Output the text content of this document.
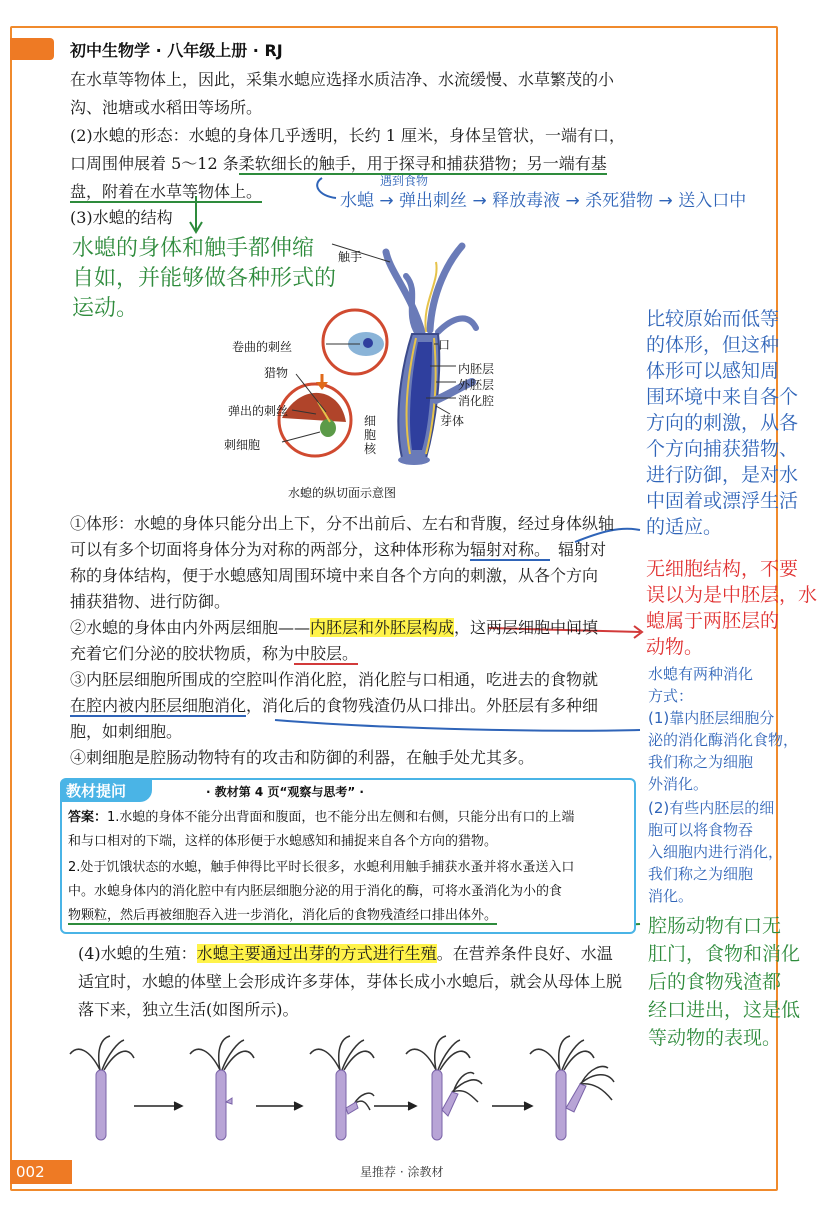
初中生物学 · 八年级上册 · RJ
在水草等物体上，因此，采集水螅应选择水质洁净、水流缓慢、水草繁茂的小
沟、池塘或水稻田等场所。
(2)水螅的形态：水螅的身体几乎透明，长约 1 厘米，身体呈管状，一端有口，
口周围伸展着 5～12 条柔软细长的触手，用于探寻和捕获猎物；另一端有基
盘，附着在水草等物体上。
(3)水螅的结构
水螅的身体和触手都伸缩
自如，并能够做各种形式的
运动。
遇到食物
水螅 → 弹出刺丝 → 释放毒液 → 杀死猎物 → 送入口中
比较原始而低等
的体形，但这种
体形可以感知周
围环境中来自各个
方向的刺激，从各
个方向捕获猎物、
进行防御，是对水
中固着或漂浮生活
的适应。
无细胞结构，不要
误以为是中胚层，水
螅属于两胚层的
动物。
水螅有两种消化
方式：
(1)靠内胚层细胞分
泌的消化酶消化食物，
我们称之为细胞
外消化。
(2)有些内胚层的细
胞可以将食物吞
入细胞内进行消化，
我们称之为细胞
消化。
腔肠动物有口无
肛门，食物和消化
后的食物残渣都
经口进出，这是低
等动物的表现。
触手
卷曲的刺丝
猎物
弹出的刺丝
刺细胞
细胞核
口
内胚层
外胚层
消化腔
芽体
水螅的纵切面示意图
①体形：水螅的身体只能分出上下，分不出前后、左右和背腹，经过身体纵轴
可以有多个切面将身体分为对称的两部分，这种体形称为辐射对称。 辐射对
称的身体结构，便于水螅感知周围环境中来自各个方向的刺激，从各个方向
捕获猎物、进行防御。
②水螅的身体由内外两层细胞——内胚层和外胚层构成，这两层细胞中间填
充着它们分泌的胶状物质，称为中胶层。
③内胚层细胞所围成的空腔叫作消化腔，消化腔与口相通，吃进去的食物就
在腔内被内胚层细胞消化，消化后的食物残渣仍从口排出。外胚层有多种细
胞，如刺细胞。
④刺细胞是腔肠动物特有的攻击和防御的利器，在触手处尤其多。
教材提问	· 教材第 4 页“观察与思考” ·
答案：1.水螅的身体不能分出背面和腹面，也不能分出左侧和右侧，只能分出有口的上端
和与口相对的下端，这样的体形便于水螅感知和捕捉来自各个方向的猎物。
2.处于饥饿状态的水螅，触手伸得比平时长很多，水螅利用触手捕获水蚤并将水蚤送入口
中。水螅身体内的消化腔中有内胚层细胞分泌的用于消化的酶，可将水蚤消化为小的食
物颗粒，然后再被细胞吞入进一步消化，消化后的食物残渣经口排出体外。
(4)水螅的生殖：水螅主要通过出芽的方式进行生殖。在营养条件良好、水温
适宜时，水螅的体壁上会形成许多芽体，芽体长成小水螅后，就会从母体上脱
落下来，独立生活(如图所示)。
002	星推荐 · 涂教材
